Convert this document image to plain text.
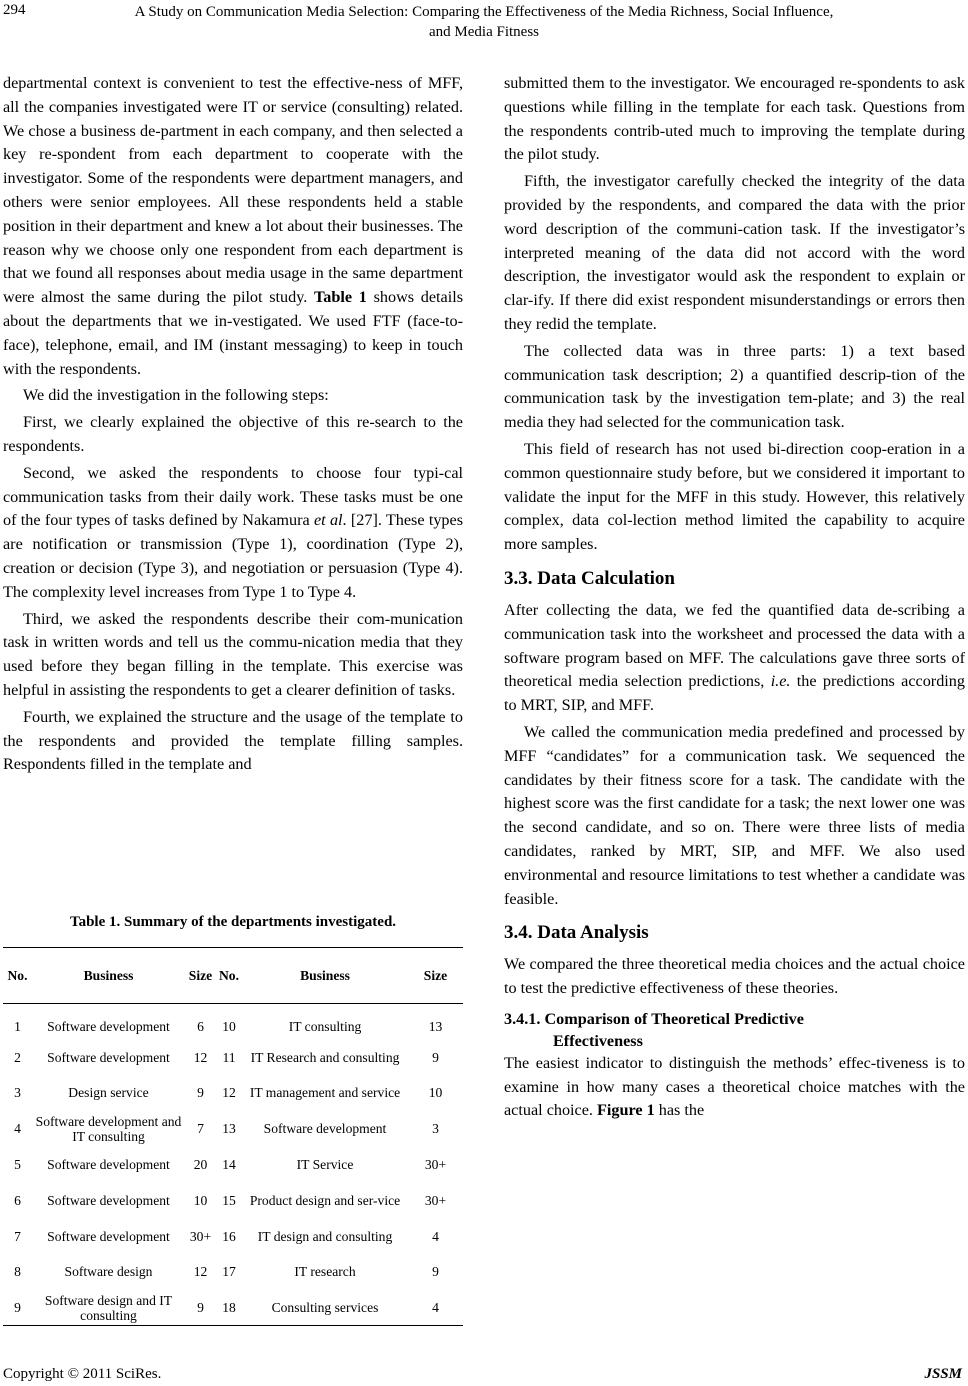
294	A Study on Communication Media Selection: Comparing the Effectiveness of the Media Richness, Social Influence,
and Media Fitness

departmental context is convenient to test the effective-ness of MFF, all the companies investigated were IT or service (consulting) related. We chose a business de-partment in each company, and then selected a key re-spondent from each department to cooperate with the investigator. Some of the respondents were department managers, and others were senior employees. All these respondents held a stable position in their department and knew a lot about their businesses. The reason why we choose only one respondent from each department is that we found all responses about media usage in the same department were almost the same during the pilot study. Table 1 shows details about the departments that we in-vestigated. We used FTF (face-to-face), telephone, email, and IM (instant messaging) to keep in touch with the respondents.

We did the investigation in the following steps:

First, we clearly explained the objective of this re-search to the respondents.

Second, we asked the respondents to choose four typi-cal communication tasks from their daily work. These tasks must be one of the four types of tasks defined by Nakamura et al. [27]. These types are notification or transmission (Type 1), coordination (Type 2), creation or decision (Type 3), and negotiation or persuasion (Type 4). The complexity level increases from Type 1 to Type 4.

Third, we asked the respondents describe their com-munication task in written words and tell us the commu-nication media that they used before they began filling in the template. This exercise was helpful in assisting the respondents to get a clearer definition of tasks.

Fourth, we explained the structure and the usage of the template to the respondents and provided the template filling samples. Respondents filled in the template and

Table 1. Summary of the departments investigated.
No.	Business	Size	No.	Business	Size
1	Software development	6	10	IT consulting	13
2	Software development	12	11	IT Research and consulting	9
3	Design service	9	12	IT management and service	10
4	Software development and IT consulting	7	13	Software development	3
5	Software development	20	14	IT Service	30+
6	Software development	10	15	Product design and ser-vice	30+
7	Software development	30+	16	IT design and consulting	4
8	Software design	12	17	IT research	9
9	Software design and IT consulting	9	18	Consulting services	4

submitted them to the investigator. We encouraged re-spondents to ask questions while filling in the template for each task. Questions from the respondents contrib-uted much to improving the template during the pilot study.

Fifth, the investigator carefully checked the integrity of the data provided by the respondents, and compared the data with the prior word description of the communi-cation task. If the investigator’s interpreted meaning of the data did not accord with the word description, the investigator would ask the respondent to explain or clar-ify. If there did exist respondent misunderstandings or errors then they redid the template.

The collected data was in three parts: 1) a text based communication task description; 2) a quantified descrip-tion of the communication task by the investigation tem-plate; and 3) the real media they had selected for the communication task.

This field of research has not used bi-direction coop-eration in a common questionnaire study before, but we considered it important to validate the input for the MFF in this study. However, this relatively complex, data col-lection method limited the capability to acquire more samples.

3.3. Data Calculation

After collecting the data, we fed the quantified data de-scribing a communication task into the worksheet and processed the data with a software program based on MFF. The calculations gave three sorts of theoretical media selection predictions, i.e. the predictions according to MRT, SIP, and MFF.

We called the communication media predefined and processed by MFF “candidates” for a communication task. We sequenced the candidates by their fitness score for a task. The candidate with the highest score was the first candidate for a task; the next lower one was the second candidate, and so on. There were three lists of media candidates, ranked by MRT, SIP, and MFF. We also used environmental and resource limitations to test whether a candidate was feasible.

3.4. Data Analysis

We compared the three theoretical media choices and the actual choice to test the predictive effectiveness of these theories.

3.4.1. Comparison of Theoretical Predictive
Effectiveness

The easiest indicator to distinguish the methods’ effec-tiveness is to examine in how many cases a theoretical choice matches with the actual choice. Figure 1 has the

Copyright © 2011 SciRes.	JSSM
